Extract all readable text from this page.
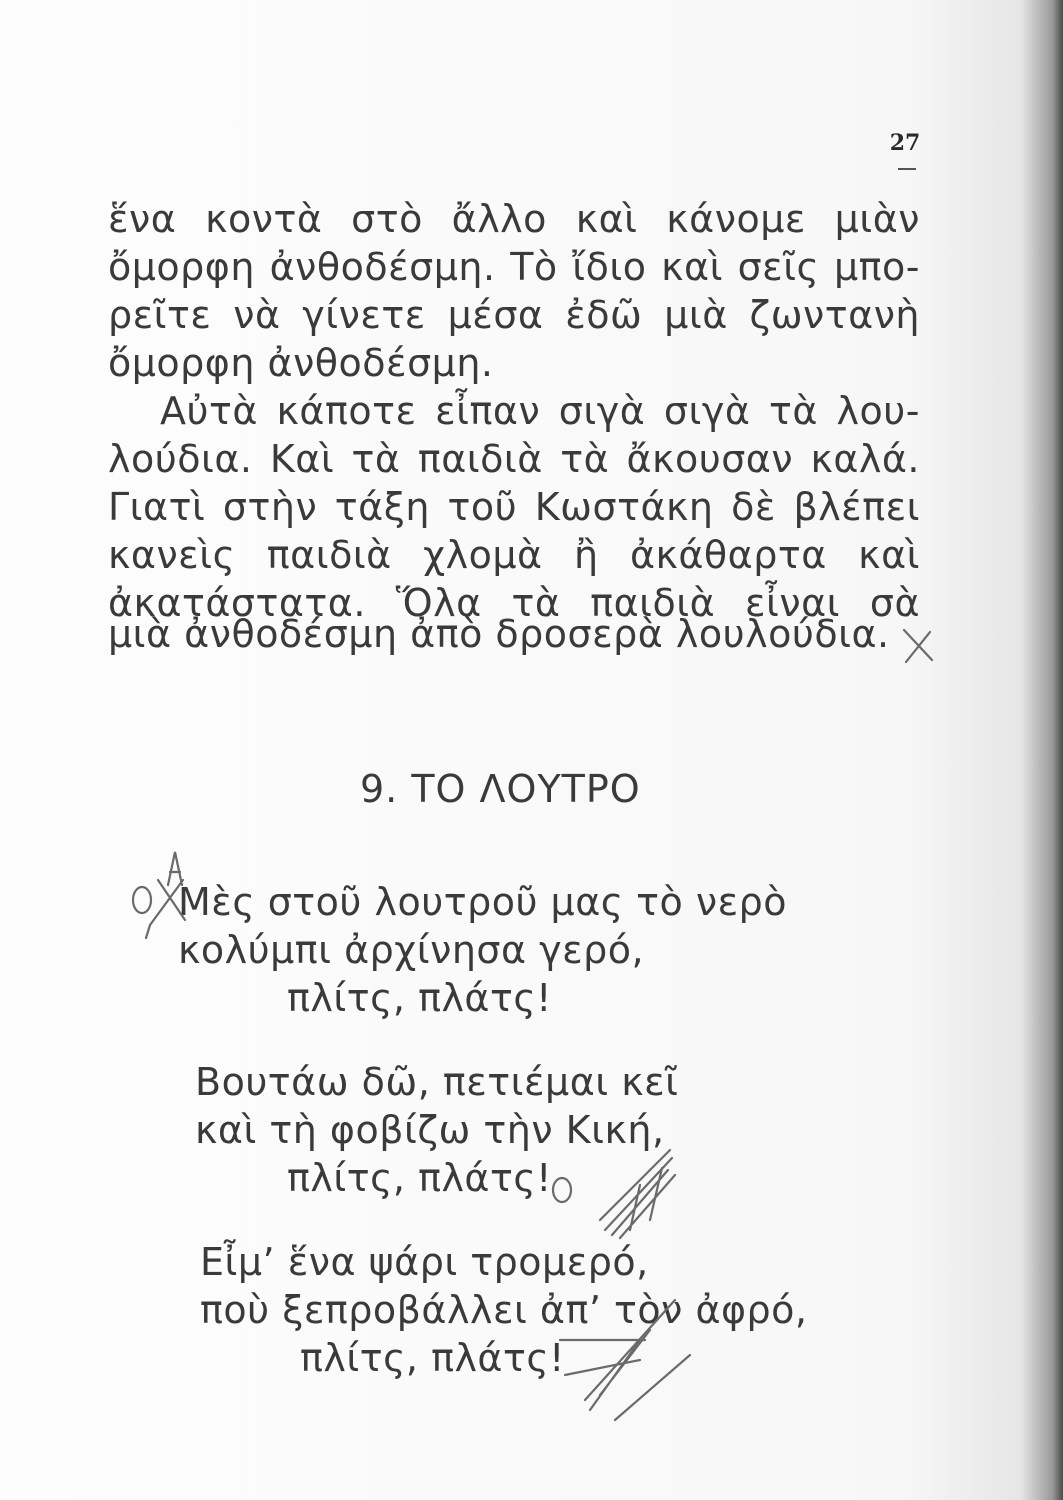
27
ἕνα κοντὰ στὸ ἄλλο καὶ κάνομε μιὰν
ὄμορφη ἀνθοδέσμη. Τὸ ἴδιο καὶ σεῖς μπο-
ρεῖτε νὰ γίνετε μέσα ἐδῶ μιὰ ζωντανὴ
ὄμορφη ἀνθοδέσμη.
Αὐτὰ κάποτε εἶπαν σιγὰ σιγὰ τὰ λου-
λούδια. Καὶ τὰ παιδιὰ τὰ ἄκουσαν καλά.
Γιατὶ στὴν τάξη τοῦ Κωστάκη δὲ βλέπει
κανεὶς παιδιὰ χλομὰ ἢ ἀκάθαρτα καὶ
ἀκατάστατα. Ὅλα τὰ παιδιὰ εἶναι σὰ
μιὰ ἀνθοδέσμη ἀπὸ δροσερὰ λουλούδια.
9. ΤΟ ΛΟΥΤΡΟ
Μὲς στοῦ λουτροῦ μας τὸ νερὸ
κολύμπι ἀρχίνησα γερό,
πλίτς, πλάτς!
Βουτάω δῶ, πετιέμαι κεῖ
καὶ τὴ φοβίζω τὴν Κική,
πλίτς, πλάτς!
Εἶμ’ ἕνα ψάρι τρομερό,
ποὺ ξεπροβάλλει ἀπ’ τὸν ἀφρό,
πλίτς, πλάτς!
